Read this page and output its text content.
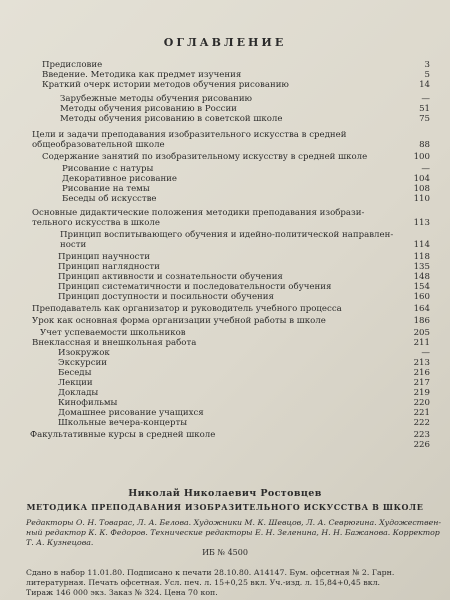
ОГЛАВЛЕНИЕ
Предисловие	3
Введение. Методика как предмет изучения	5
Краткий очерк истории методов обучения рисованию	14
Зарубежные методы обучения рисованию	—
Методы обучения рисованию в России	51
Методы обучения рисованию в советской школе	75
Цели и задачи преподавания изобразительного искусства в средней
общеобразовательной школе	88
Содержание занятий по изобразительному искусству в средней школе	100
Рисование с натуры	—
Декоративное рисование	104
Рисование на темы	108
Беседы об искусстве	110
Основные дидактические положения методики преподавания изобрази-
тельного искусства в школе	113
Принцип воспитывающего обучения и идейно-политической направлен-
ности	114
Принцип научности	118
Принцип наглядности	135
Принцип активности и сознательности обучения	148
Принцип систематичности и последовательности обучения	154
Принцип доступности и посильности обучения	160
Преподаватель как организатор и руководитель учебного процесса	164
Урок как основная форма организации учебной работы в школе	186
Учет успеваемости школьников	205
Внеклассная и внешкольная работа	211
Изокружок	—
Экскурсии	213
Беседы	216
Лекции	217
Доклады	219
Кинофильмы	220
Домашнее рисование учащихся	221
Школьные вечера-концерты	222
Факультативные курсы в средней школе	223
226
Николай Николаевич Ростовцев
МЕТОДИКА ПРЕПОДАВАНИЯ ИЗОБРАЗИТЕЛЬНОГО ИСКУССТВА В ШКОЛЕ
Редакторы О. Н. Товарас, Л. А. Белова. Художники М. К. Шевцов, Л. А. Севрюгина. Художествен-
ный редактор К. К. Федоров. Технические редакторы Е. Н. Зеленина, Н. Н. Бажанова. Корректор
Т. А. Кузнецова.
ИБ № 4500
Сдано в набор 11.01.80. Подписано к печати 28.10.80. А14147. Бум. офсетная № 2. Гарн.
литературная. Печать офсетная. Усл. печ. л. 15+0,25 вкл. Уч.-изд. л. 15,84+0,45 вкл.
Тираж 146 000 экз. Заказ № 324. Цена 70 коп.
